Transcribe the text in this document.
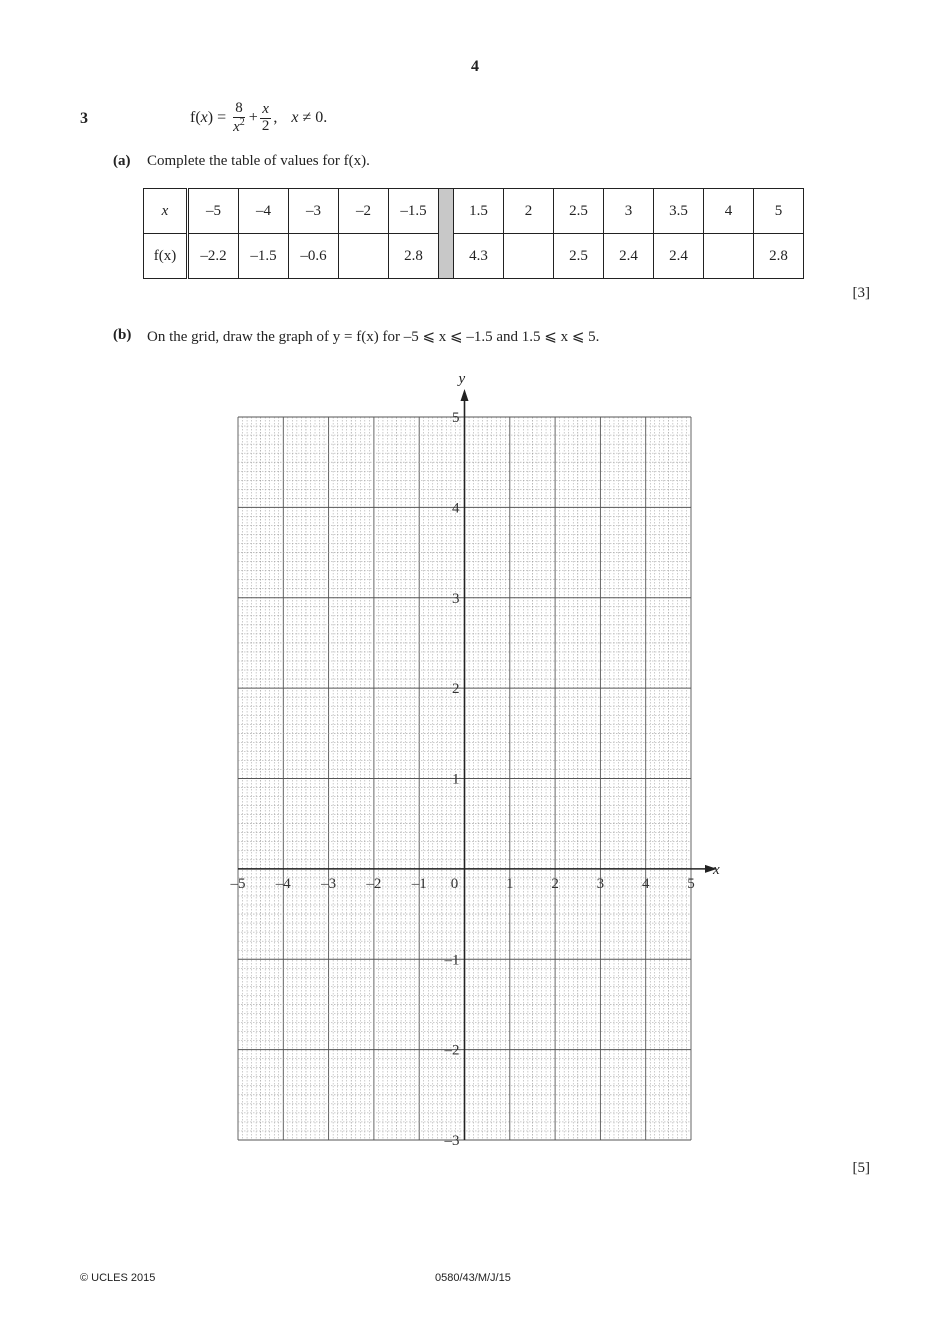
4
3	f( x ) = $\frac{8}{x^2} + \frac{x}{2}$ , x ≠ 0.
(a) Complete the table of values for f(x).
x	–5	–4	–3	–2	–1.5		1.5	2	2.5	3	3.5	4	5
f(x)	–2.2	–1.5	–0.6		2.8		4.3		2.5	2.4	2.4		2.8
[3]
(b) On the grid, draw the graph of y = f(x) for –5 ⩽ x ⩽ –1.5 and 1.5 ⩽ x ⩽ 5.
x
y
–5 –4 –3 –2 –1 0	1	2	3	4	5
–3
–2
–1
1
2
3
4
5
[5]
© UCLES 2015	0580/43/M/J/15
